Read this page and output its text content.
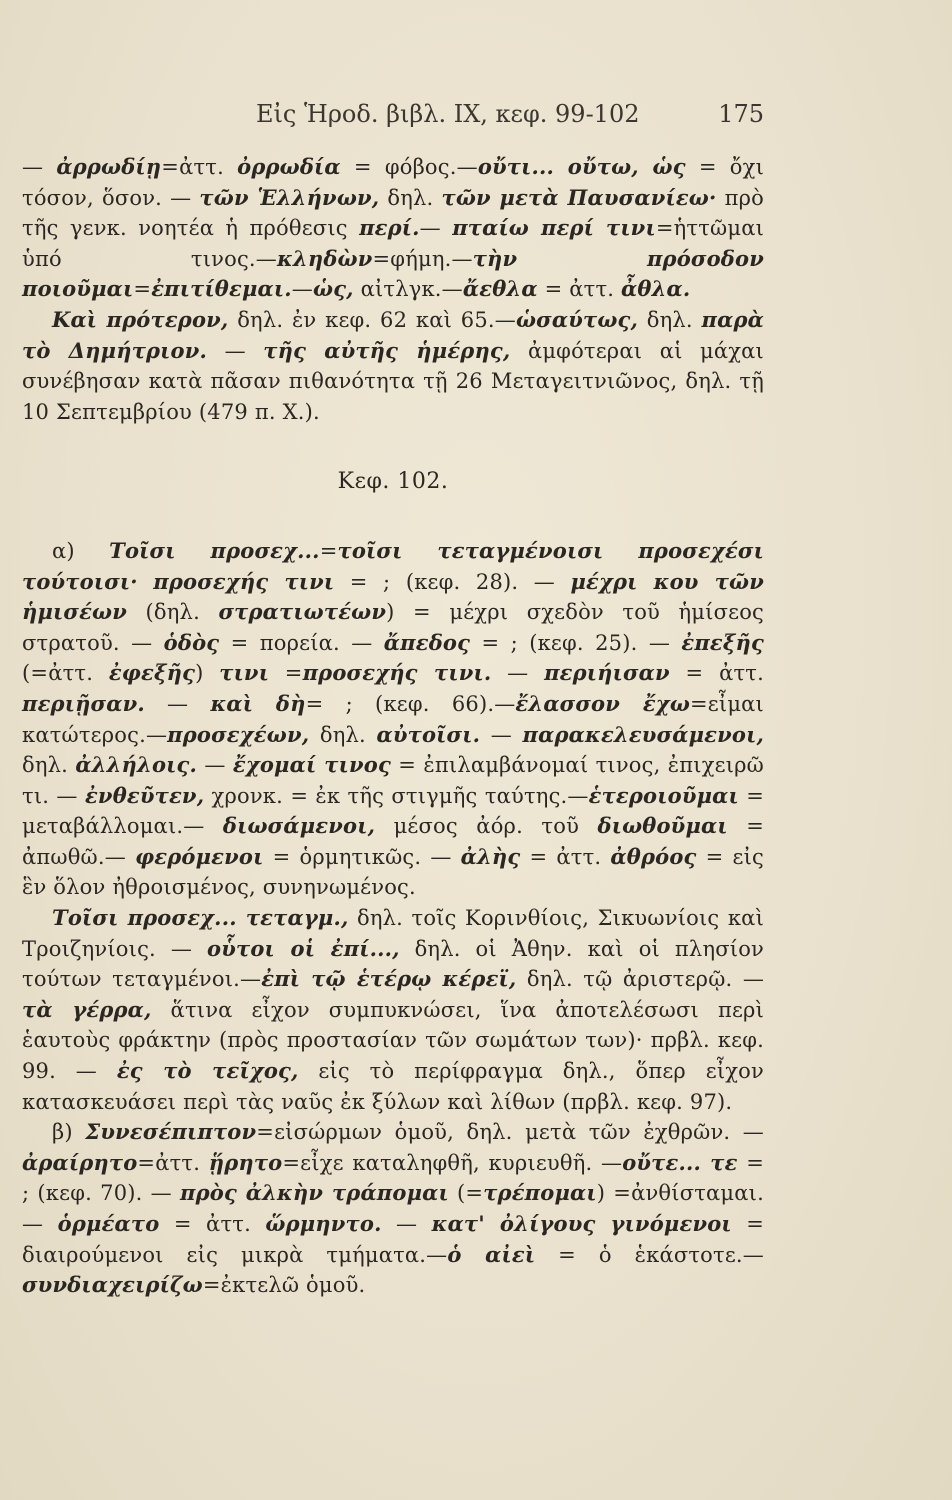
Εἰς Ἡροδ. βιβλ. IX, κεφ. 99-102	175

— ἀρρωδίῃ=ἀττ. ὀρρωδία = φόβος.—οὔτι... οὔτω, ὡς = ὄχι τόσον, ὅσον. — τῶν Ἑλλήνων, δηλ. τῶν μετὰ Παυσανίεω· πρὸ τῆς γενκ. νοητέα ἡ πρόθεσις περί.— πταίω περί τινι=ἡττῶμαι ὑπό τινος.—κληδὼν=φήμη.—τὴν πρόσοδον ποιοῦμαι=ἐπιτίθεμαι.—ὡς, αἰτλγκ.—ἄεθλα = ἀττ. ἆθλα.

Καὶ πρότερον, δηλ. ἐν κεφ. 62 καὶ 65.—ὡσαύτως, δηλ. παρὰ τὸ Δημήτριον. — τῆς αὐτῆς ἡμέρης, ἀμφότεραι αἱ μάχαι συνέβησαν κατὰ πᾶσαν πιθανότητα τῇ 26 Μεταγειτνιῶνος, δηλ. τῇ 10 Σεπτεμβρίου (479 π. Χ.).

Κεφ. 102.

α) Τοῖσι προσεχ...=τοῖσι τεταγμένοισι προσεχέσι τούτοισι· προσεχής τινι = ; (κεφ. 28). — μέχρι κου τῶν ἡμισέων (δηλ. στρατιωτέων) = μέχρι σχεδὸν τοῦ ἡμίσεος στρατοῦ. — ὁδὸς = πορεία. — ἄπεδος = ; (κεφ. 25). — ἐπεξῆς (=ἀττ. ἐφεξῆς) τινι =προσεχής τινι. — περιήισαν = ἀττ. περιῇσαν. — καὶ δὴ= ; (κεφ. 66).—ἔλασσον ἔχω=εἶμαι κατώτερος.—προσεχέων, δηλ. αὐτοῖσι. — παρακελευσάμενοι, δηλ. ἀλλήλοις. — ἔχομαί τινος = ἐπιλαμβάνομαί τινος, ἐπιχειρῶ τι. — ἐνθεῦτεν, χρονκ. = ἐκ τῆς στιγμῆς ταύτης.—ἑτεροιοῦμαι = μεταβάλλομαι.— διωσάμενοι, μέσος ἀόρ. τοῦ διωθοῦμαι = ἀπωθῶ.— φερόμενοι = ὁρμητικῶς. — ἀλὴς = ἀττ. ἀθρόος = εἰς ἓν ὅλον ἠθροισμένος, συνηνωμένος.

Τοῖσι προσεχ... τεταγμ., δηλ. τοῖς Κορινθίοις, Σικυωνίοις καὶ Τροιζηνίοις. — οὗτοι οἱ ἐπί..., δηλ. οἱ Ἀθην. καὶ οἱ πλησίον τούτων τεταγμένοι.—ἐπὶ τῷ ἑτέρῳ κέρεϊ, δηλ. τῷ ἀριστερῷ. — τὰ γέρρα, ἅτινα εἶχον συμπυκνώσει, ἵνα ἀποτελέσωσι περὶ ἑαυτοὺς φράκτην (πρὸς προστασίαν τῶν σωμάτων των)· πρβλ. κεφ. 99. — ἐς τὸ τεῖχος, εἰς τὸ περίφραγμα δηλ., ὅπερ εἶχον κατασκευάσει περὶ τὰς ναῦς ἐκ ξύλων καὶ λίθων (πρβλ. κεφ. 97).

β) Συνεσέπιπτον=εἰσώρμων ὁμοῦ, δηλ. μετὰ τῶν ἐχθρῶν. — ἀραίρητο=ἀττ. ᾕρητο=εἶχε καταληφθῆ, κυριευθῆ. —οὔτε... τε = ; (κεφ. 70). — πρὸς ἀλκὴν τράπομαι (=τρέπομαι) =ἀνθίσταμαι. — ὁρμέατο = ἀττ. ὥρμηντο. — κατ' ὀλίγους γινόμενοι = διαιρούμενοι εἰς μικρὰ τμήματα.—ὁ αἰεὶ = ὁ ἑκάστοτε.— συνδιαχειρίζω=ἐκτελῶ ὁμοῦ.
